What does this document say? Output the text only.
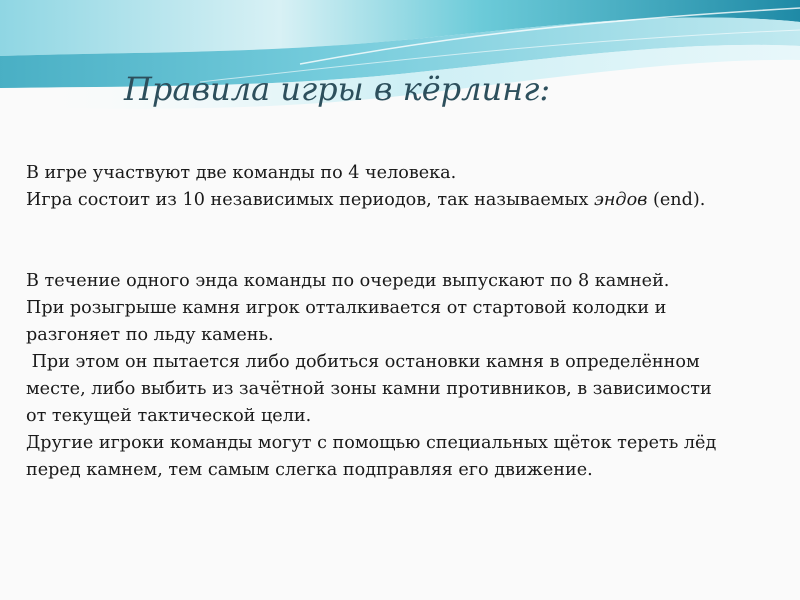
Правила игры в кёрлинг:
В игре участвуют две команды по 4 человека.
Игра состоит из 10 независимых периодов, так называемых эндов (end).
В течение одного энда команды по очереди выпускают по 8 камней.
При розыгрыше камня игрок отталкивается от стартовой колодки и
разгоняет по льду камень.
При этом он пытается либо добиться остановки камня в определённом
месте, либо выбить из зачётной зоны камни противников, в зависимости
от текущей тактической цели.
Другие игроки команды могут с помощью специальных щёток тереть лёд
перед камнем, тем самым слегка подправляя его движение.
